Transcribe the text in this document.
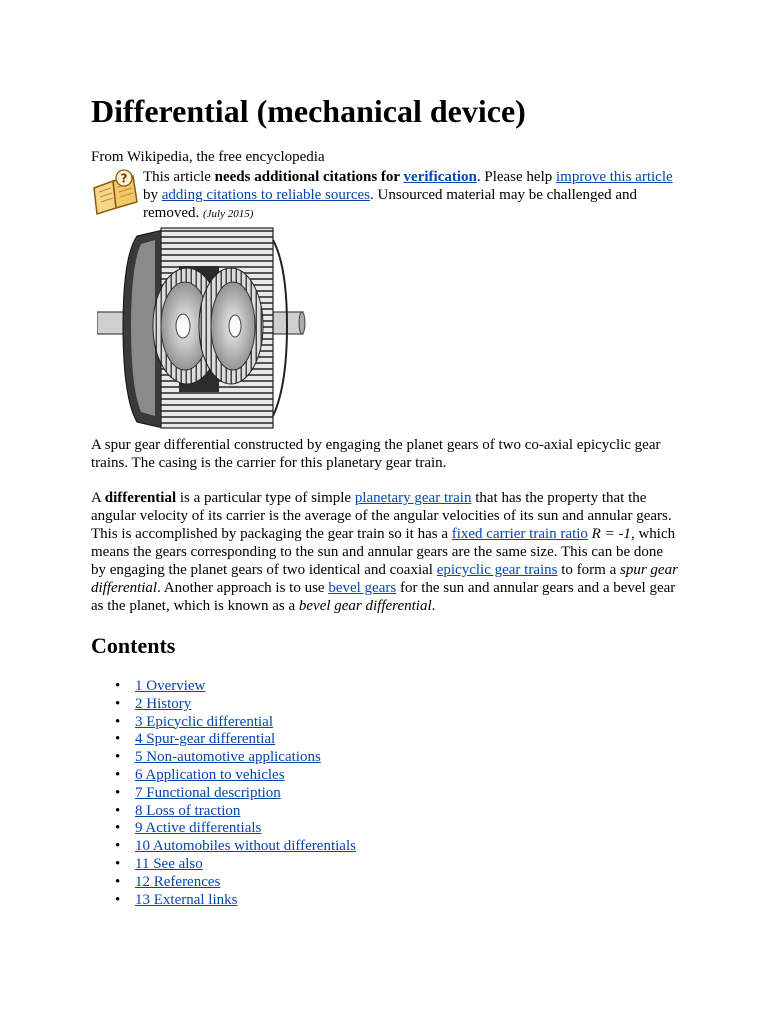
Differential (mechanical device)
From Wikipedia, the free encyclopedia
? This article needs additional citations for verification. Please help improve this article by adding citations to reliable sources. Unsourced material may be challenged and removed. (July 2015)
A spur gear differential constructed by engaging the planet gears of two co-axial epicyclic gear trains. The casing is the carrier for this planetary gear train.

A differential is a particular type of simple planetary gear train that has the property that the angular velocity of its carrier is the average of the angular velocities of its sun and annular gears. This is accomplished by packaging the gear train so it has a fixed carrier train ratio R = -1, which means the gears corresponding to the sun and annular gears are the same size. This can be done by engaging the planet gears of two identical and coaxial epicyclic gear trains to form a spur gear differential. Another approach is to use bevel gears for the sun and annular gears and a bevel gear as the planet, which is known as a bevel gear differential.

Contents
• 1 Overview
• 2 History
• 3 Epicyclic differential
• 4 Spur-gear differential
• 5 Non-automotive applications
• 6 Application to vehicles
• 7 Functional description
• 8 Loss of traction
• 9 Active differentials
• 10 Automobiles without differentials
• 11 See also
• 12 References
• 13 External links
